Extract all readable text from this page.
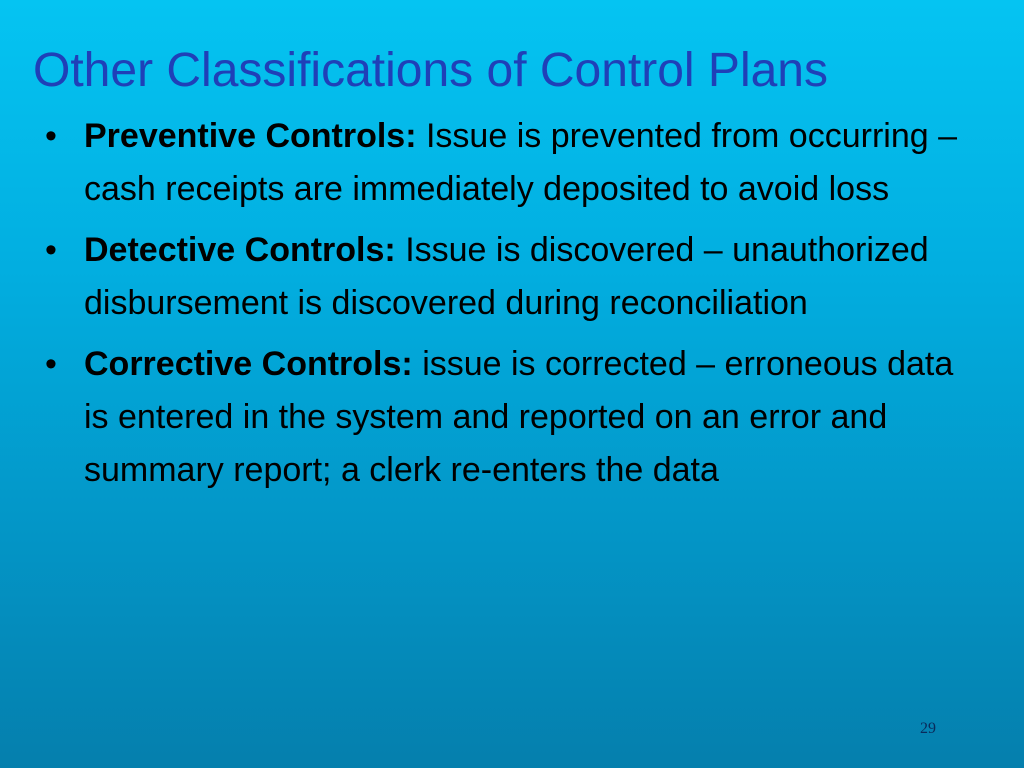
Other Classifications of Control Plans
• Preventive Controls: Issue is prevented from occurring – cash receipts are immediately deposited to avoid loss
• Detective Controls: Issue is discovered – unauthorized disbursement is discovered during reconciliation
• Corrective Controls: issue is corrected – erroneous data is entered in the system and reported on an error and summary report; a clerk re-enters the data
29
